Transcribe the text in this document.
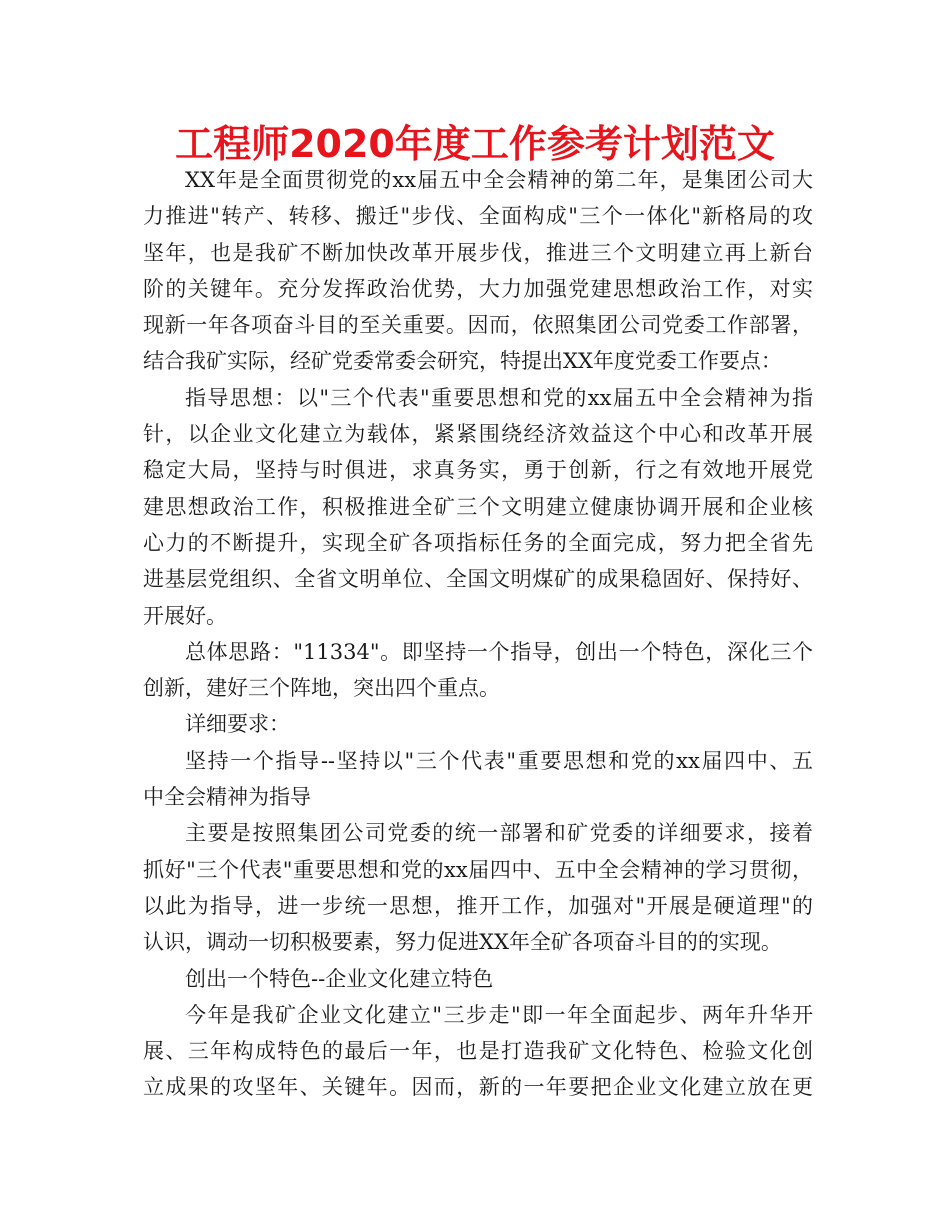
工程师2020年度工作参考计划范文
XX年是全面贯彻党的xx届五中全会精神的第二年，是集团公司大
力推进"转产、转移、搬迁"步伐、全面构成"三个一体化"新格局的攻
坚年，也是我矿不断加快改革开展步伐，推进三个文明建立再上新台
阶的关键年。充分发挥政治优势，大力加强党建思想政治工作，对实
现新一年各项奋斗目的至关重要。因而，依照集团公司党委工作部署，
结合我矿实际，经矿党委常委会研究，特提出XX年度党委工作要点：
指导思想：以"三个代表"重要思想和党的xx届五中全会精神为指
针，以企业文化建立为载体，紧紧围绕经济效益这个中心和改革开展
稳定大局，坚持与时俱进，求真务实，勇于创新，行之有效地开展党
建思想政治工作，积极推进全矿三个文明建立健康协调开展和企业核
心力的不断提升，实现全矿各项指标任务的全面完成，努力把全省先
进基层党组织、全省文明单位、全国文明煤矿的成果稳固好、保持好、
开展好。
总体思路："11334"。即坚持一个指导，创出一个特色，深化三个
创新，建好三个阵地，突出四个重点。
详细要求：
坚持一个指导--坚持以"三个代表"重要思想和党的xx届四中、五
中全会精神为指导
主要是按照集团公司党委的统一部署和矿党委的详细要求，接着
抓好"三个代表"重要思想和党的xx届四中、五中全会精神的学习贯彻，
以此为指导，进一步统一思想，推开工作，加强对"开展是硬道理"的
认识，调动一切积极要素，努力促进XX年全矿各项奋斗目的的实现。
创出一个特色--企业文化建立特色
今年是我矿企业文化建立"三步走"即一年全面起步、两年升华开
展、三年构成特色的最后一年，也是打造我矿文化特色、检验文化创
立成果的攻坚年、关键年。因而，新的一年要把企业文化建立放在更
